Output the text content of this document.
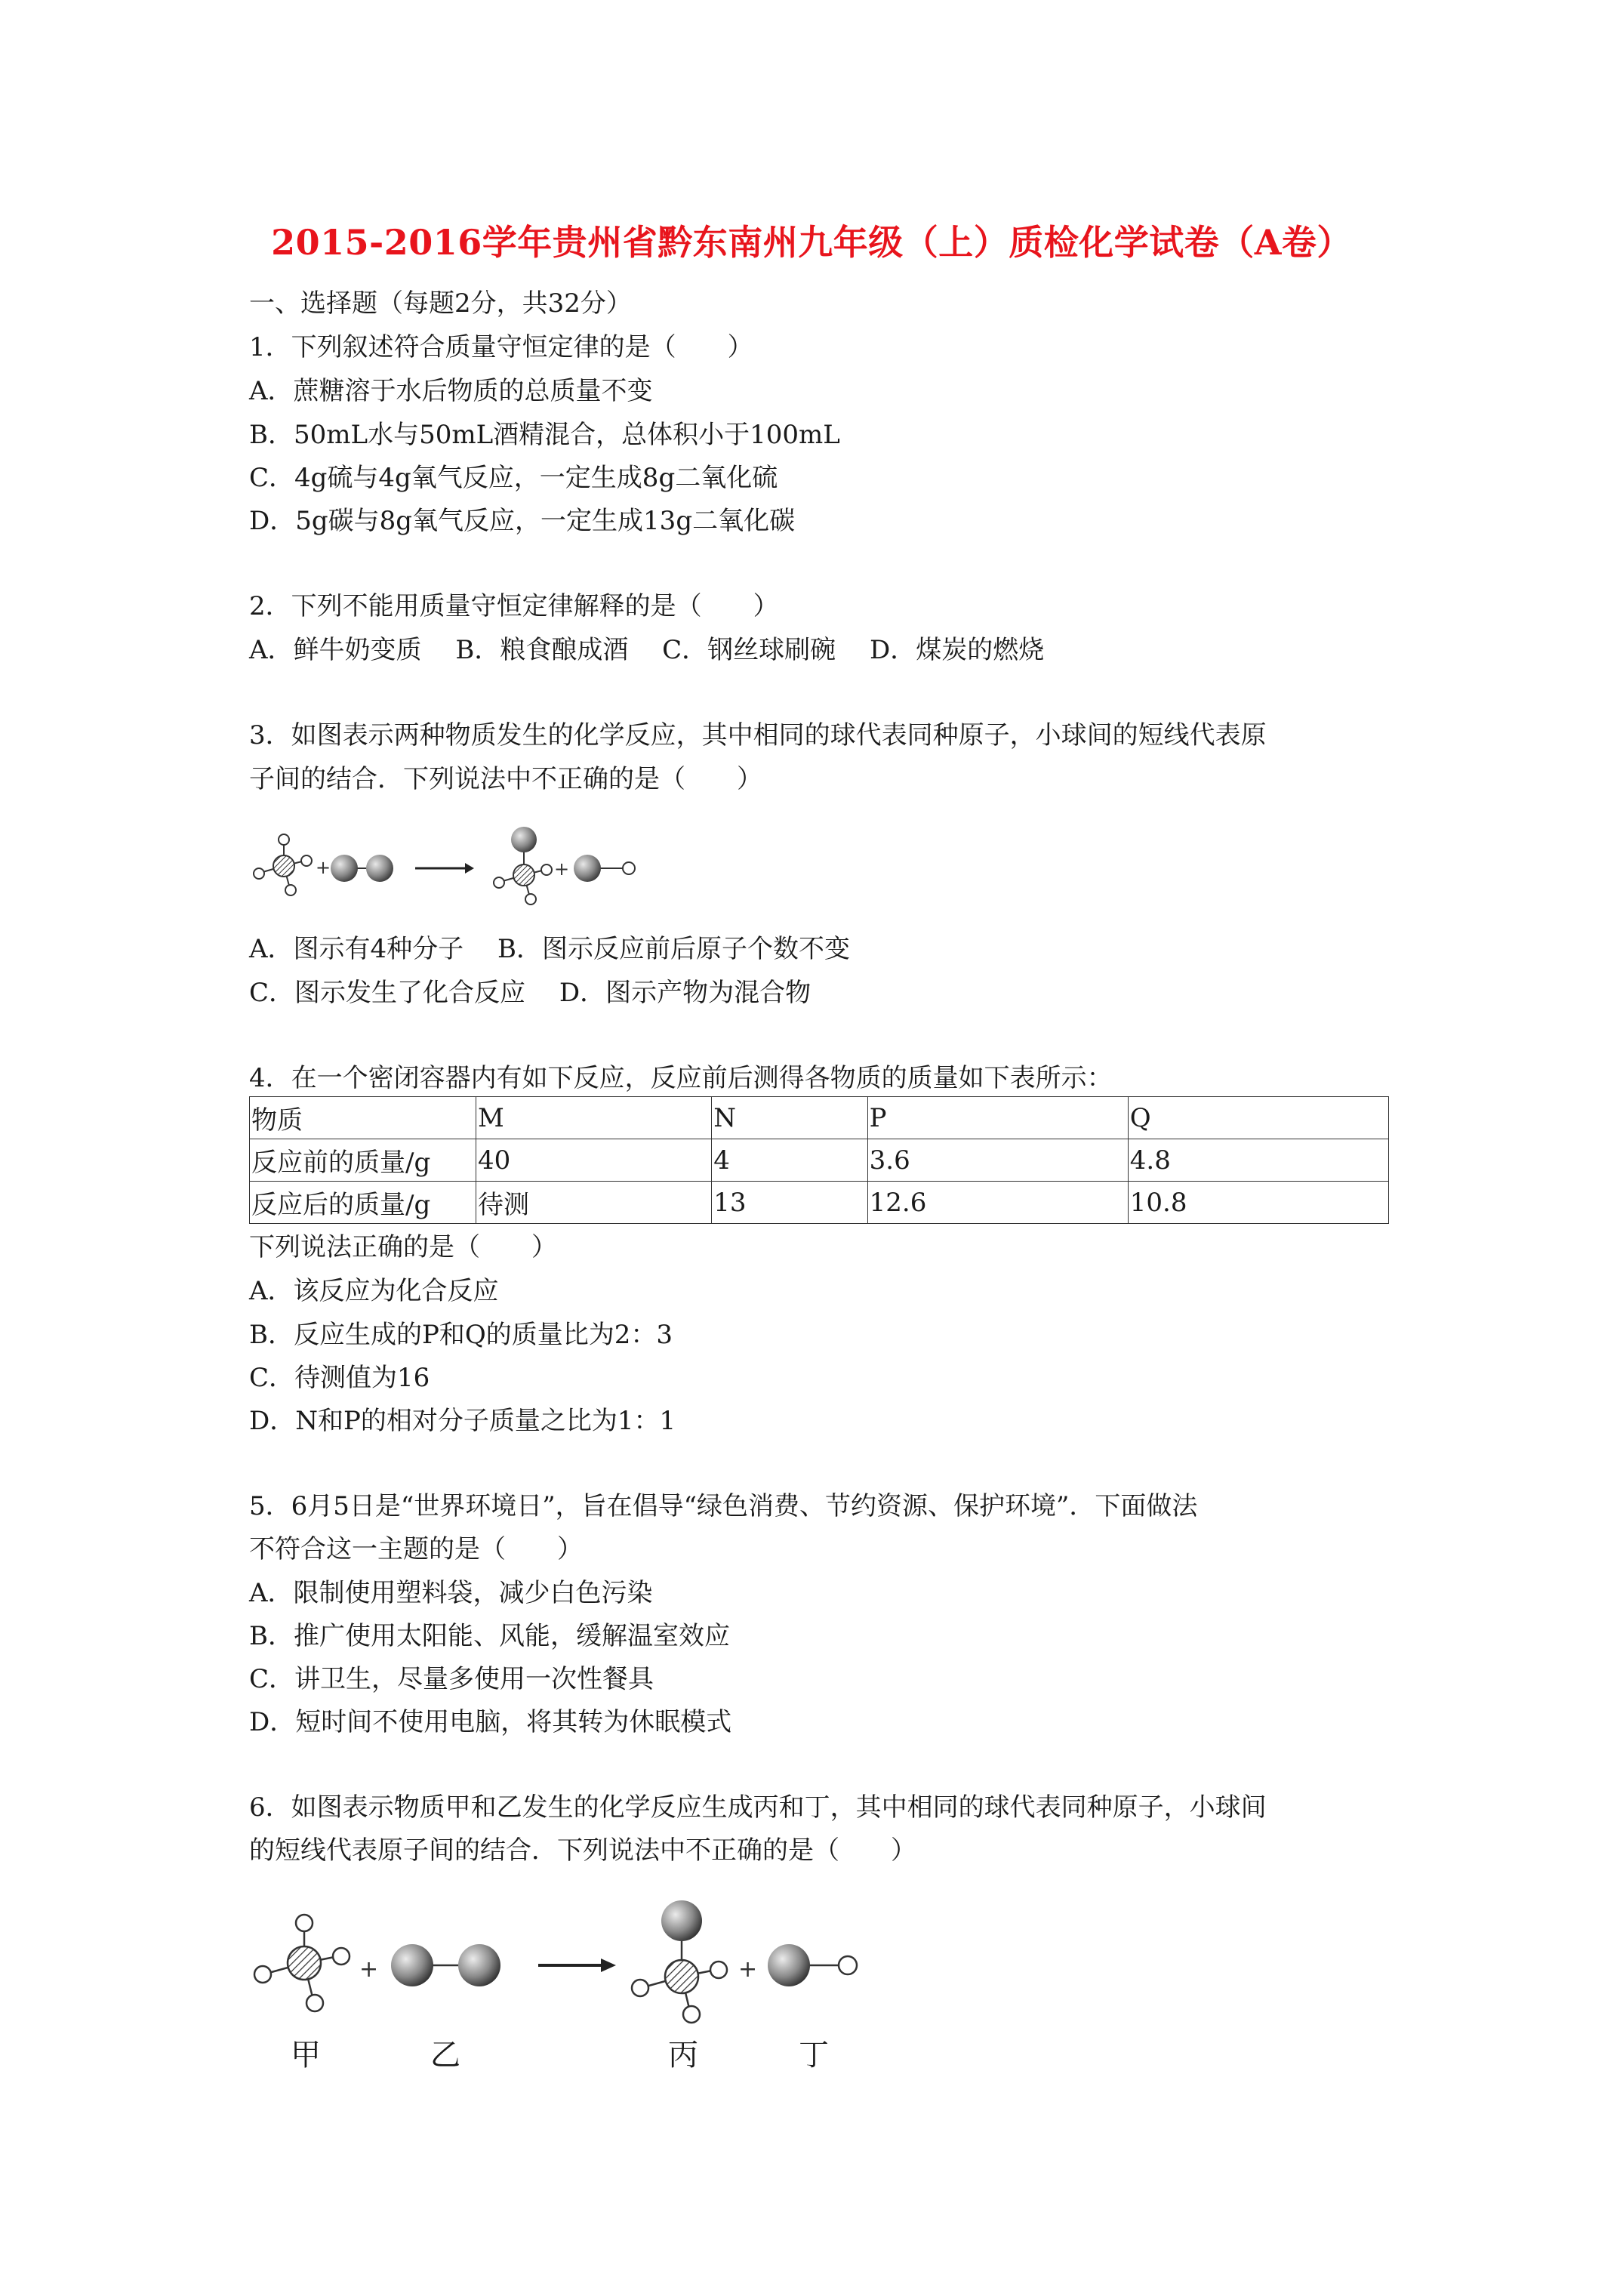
2015-2016学年贵州省黔东南州九年级（上）质检化学试卷（A卷）
一、选择题（每题2分，共32分）
1．下列叙述符合质量守恒定律的是（　　）
A．蔗糖溶于水后物质的总质量不变
B．50mL水与50mL酒精混合，总体积小于100mL
C．4g硫与4g氧气反应，一定生成8g二氧化硫
D．5g碳与8g氧气反应，一定生成13g二氧化碳
2．下列不能用质量守恒定律解释的是（　　）
A．鲜牛奶变质　 B．粮食酿成酒　 C．钢丝球刷碗　 D．煤炭的燃烧
3．如图表示两种物质发生的化学反应，其中相同的球代表同种原子，小球间的短线代表原
子间的结合．下列说法中不正确的是（　　）
+	+
A．图示有4种分子　 B．图示反应前后原子个数不变
C．图示发生了化合反应　 D．图示产物为混合物
4．在一个密闭容器内有如下反应，反应前后测得各物质的质量如下表所示：
物质	M	N	P	Q
反应前的质量/g	40	4	3.6	4.8
反应后的质量/g	待测	13	12.6	10.8
下列说法正确的是（　　）
A．该反应为化合反应
B．反应生成的P和Q的质量比为2：3
C．待测值为16
D．N和P的相对分子质量之比为1：1
5．6月5日是“世界环境日”，旨在倡导“绿色消费、节约资源、保护环境”．下面做法
不符合这一主题的是（　　）
A．限制使用塑料袋，减少白色污染
B．推广使用太阳能、风能，缓解温室效应
C．讲卫生，尽量多使用一次性餐具
D．短时间不使用电脑，将其转为休眠模式
6．如图表示物质甲和乙发生的化学反应生成丙和丁，其中相同的球代表同种原子，小球间
的短线代表原子间的结合．下列说法中不正确的是（　　）
+	+
甲	乙	丙	丁
